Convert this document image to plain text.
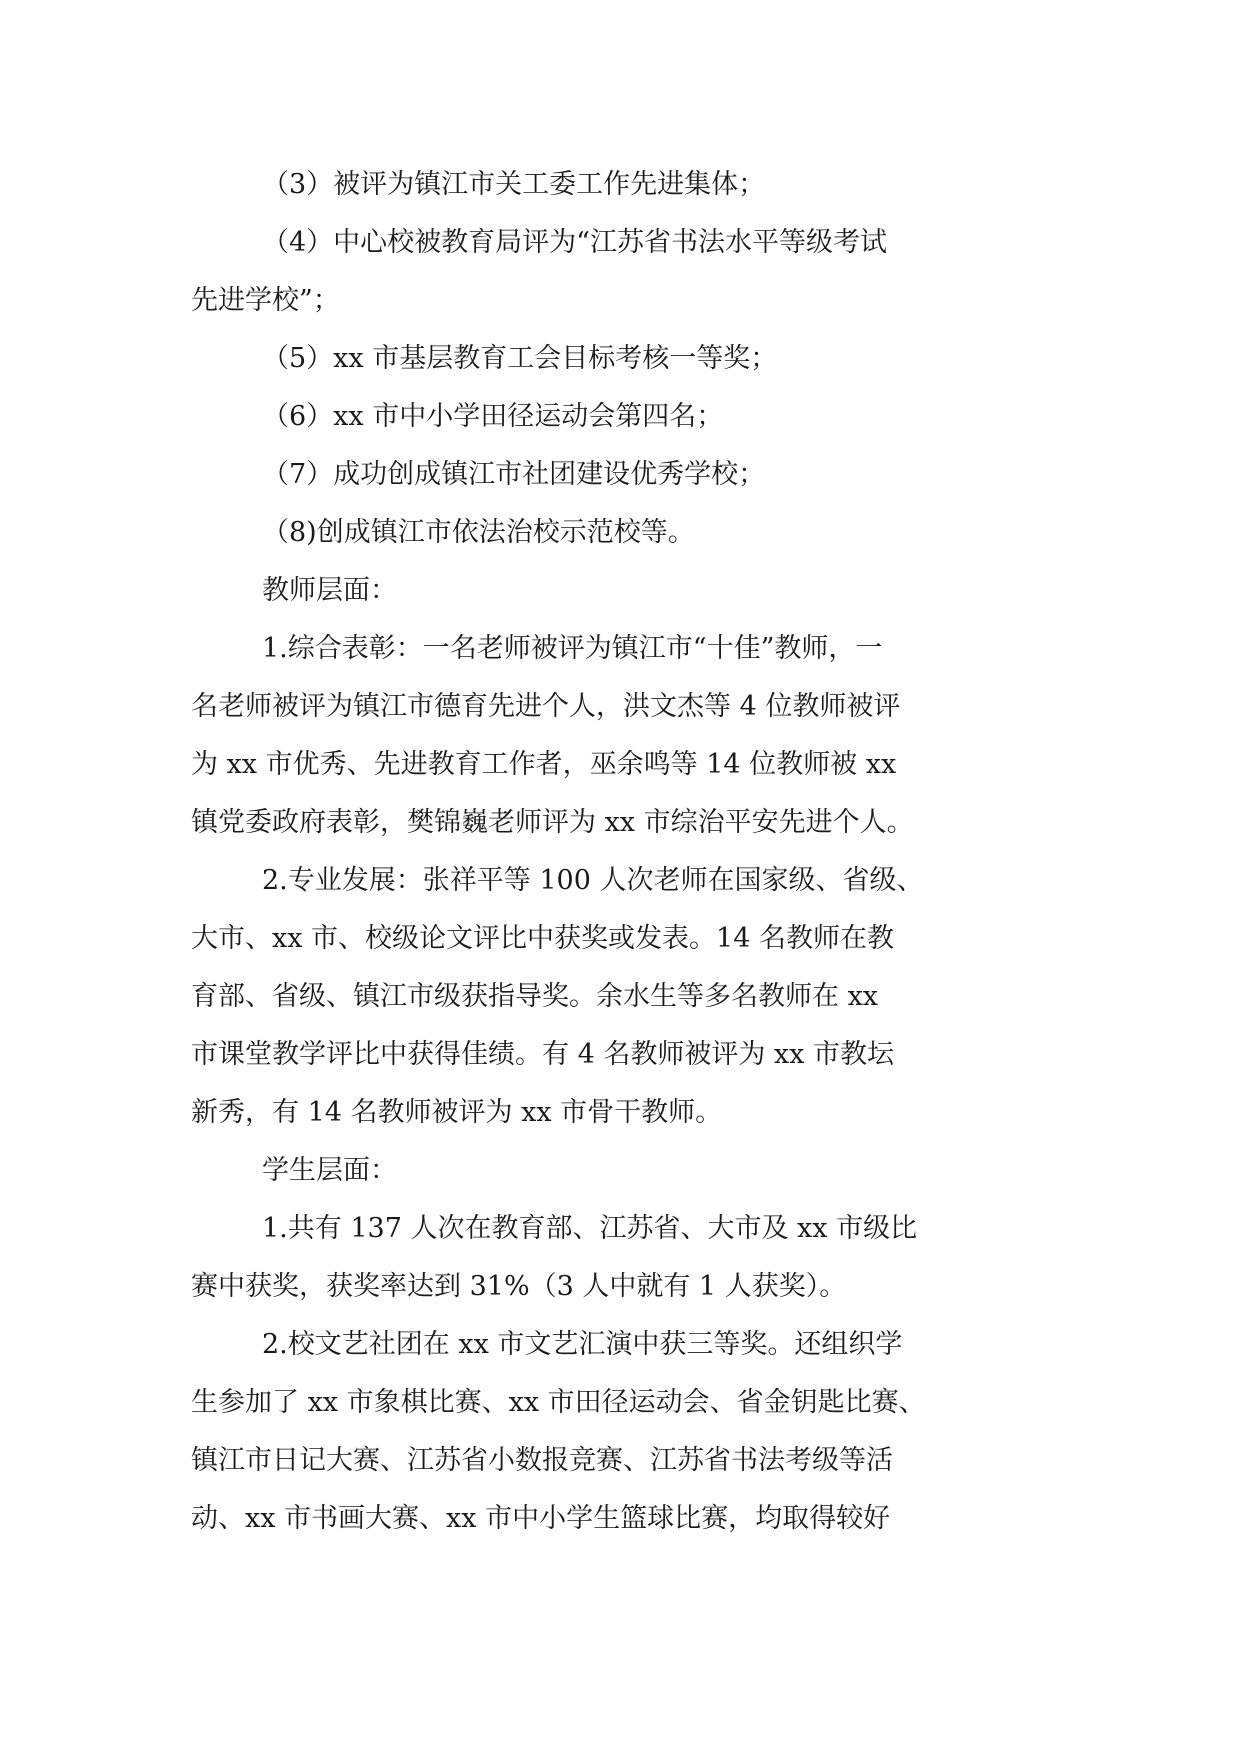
（3）被评为镇江市关工委工作先进集体；
（4）中心校被教育局评为“江苏省书法水平等级考试
先进学校”；
（5）xx 市基层教育工会目标考核一等奖；
（6）xx 市中小学田径运动会第四名；
（7）成功创成镇江市社团建设优秀学校；
（8)创成镇江市依法治校示范校等。
教师层面：
1.综合表彰：一名老师被评为镇江市“十佳”教师，一
名老师被评为镇江市德育先进个人，洪文杰等 4 位教师被评
为 xx 市优秀、先进教育工作者，巫余鸣等 14 位教师被 xx
镇党委政府表彰，樊锦巍老师评为 xx 市综治平安先进个人。
2.专业发展：张祥平等 100 人次老师在国家级、省级、
大市、xx 市、校级论文评比中获奖或发表。14 名教师在教
育部、省级、镇江市级获指导奖。余水生等多名教师在 xx
市课堂教学评比中获得佳绩。有 4 名教师被评为 xx 市教坛
新秀，有 14 名教师被评为 xx 市骨干教师。
学生层面：
1.共有 137 人次在教育部、江苏省、大市及 xx 市级比
赛中获奖，获奖率达到 31%（3 人中就有 1 人获奖）。
2.校文艺社团在 xx 市文艺汇演中获三等奖。还组织学
生参加了 xx 市象棋比赛、xx 市田径运动会、省金钥匙比赛、
镇江市日记大赛、江苏省小数报竞赛、江苏省书法考级等活
动、xx 市书画大赛、xx 市中小学生篮球比赛，均取得较好
